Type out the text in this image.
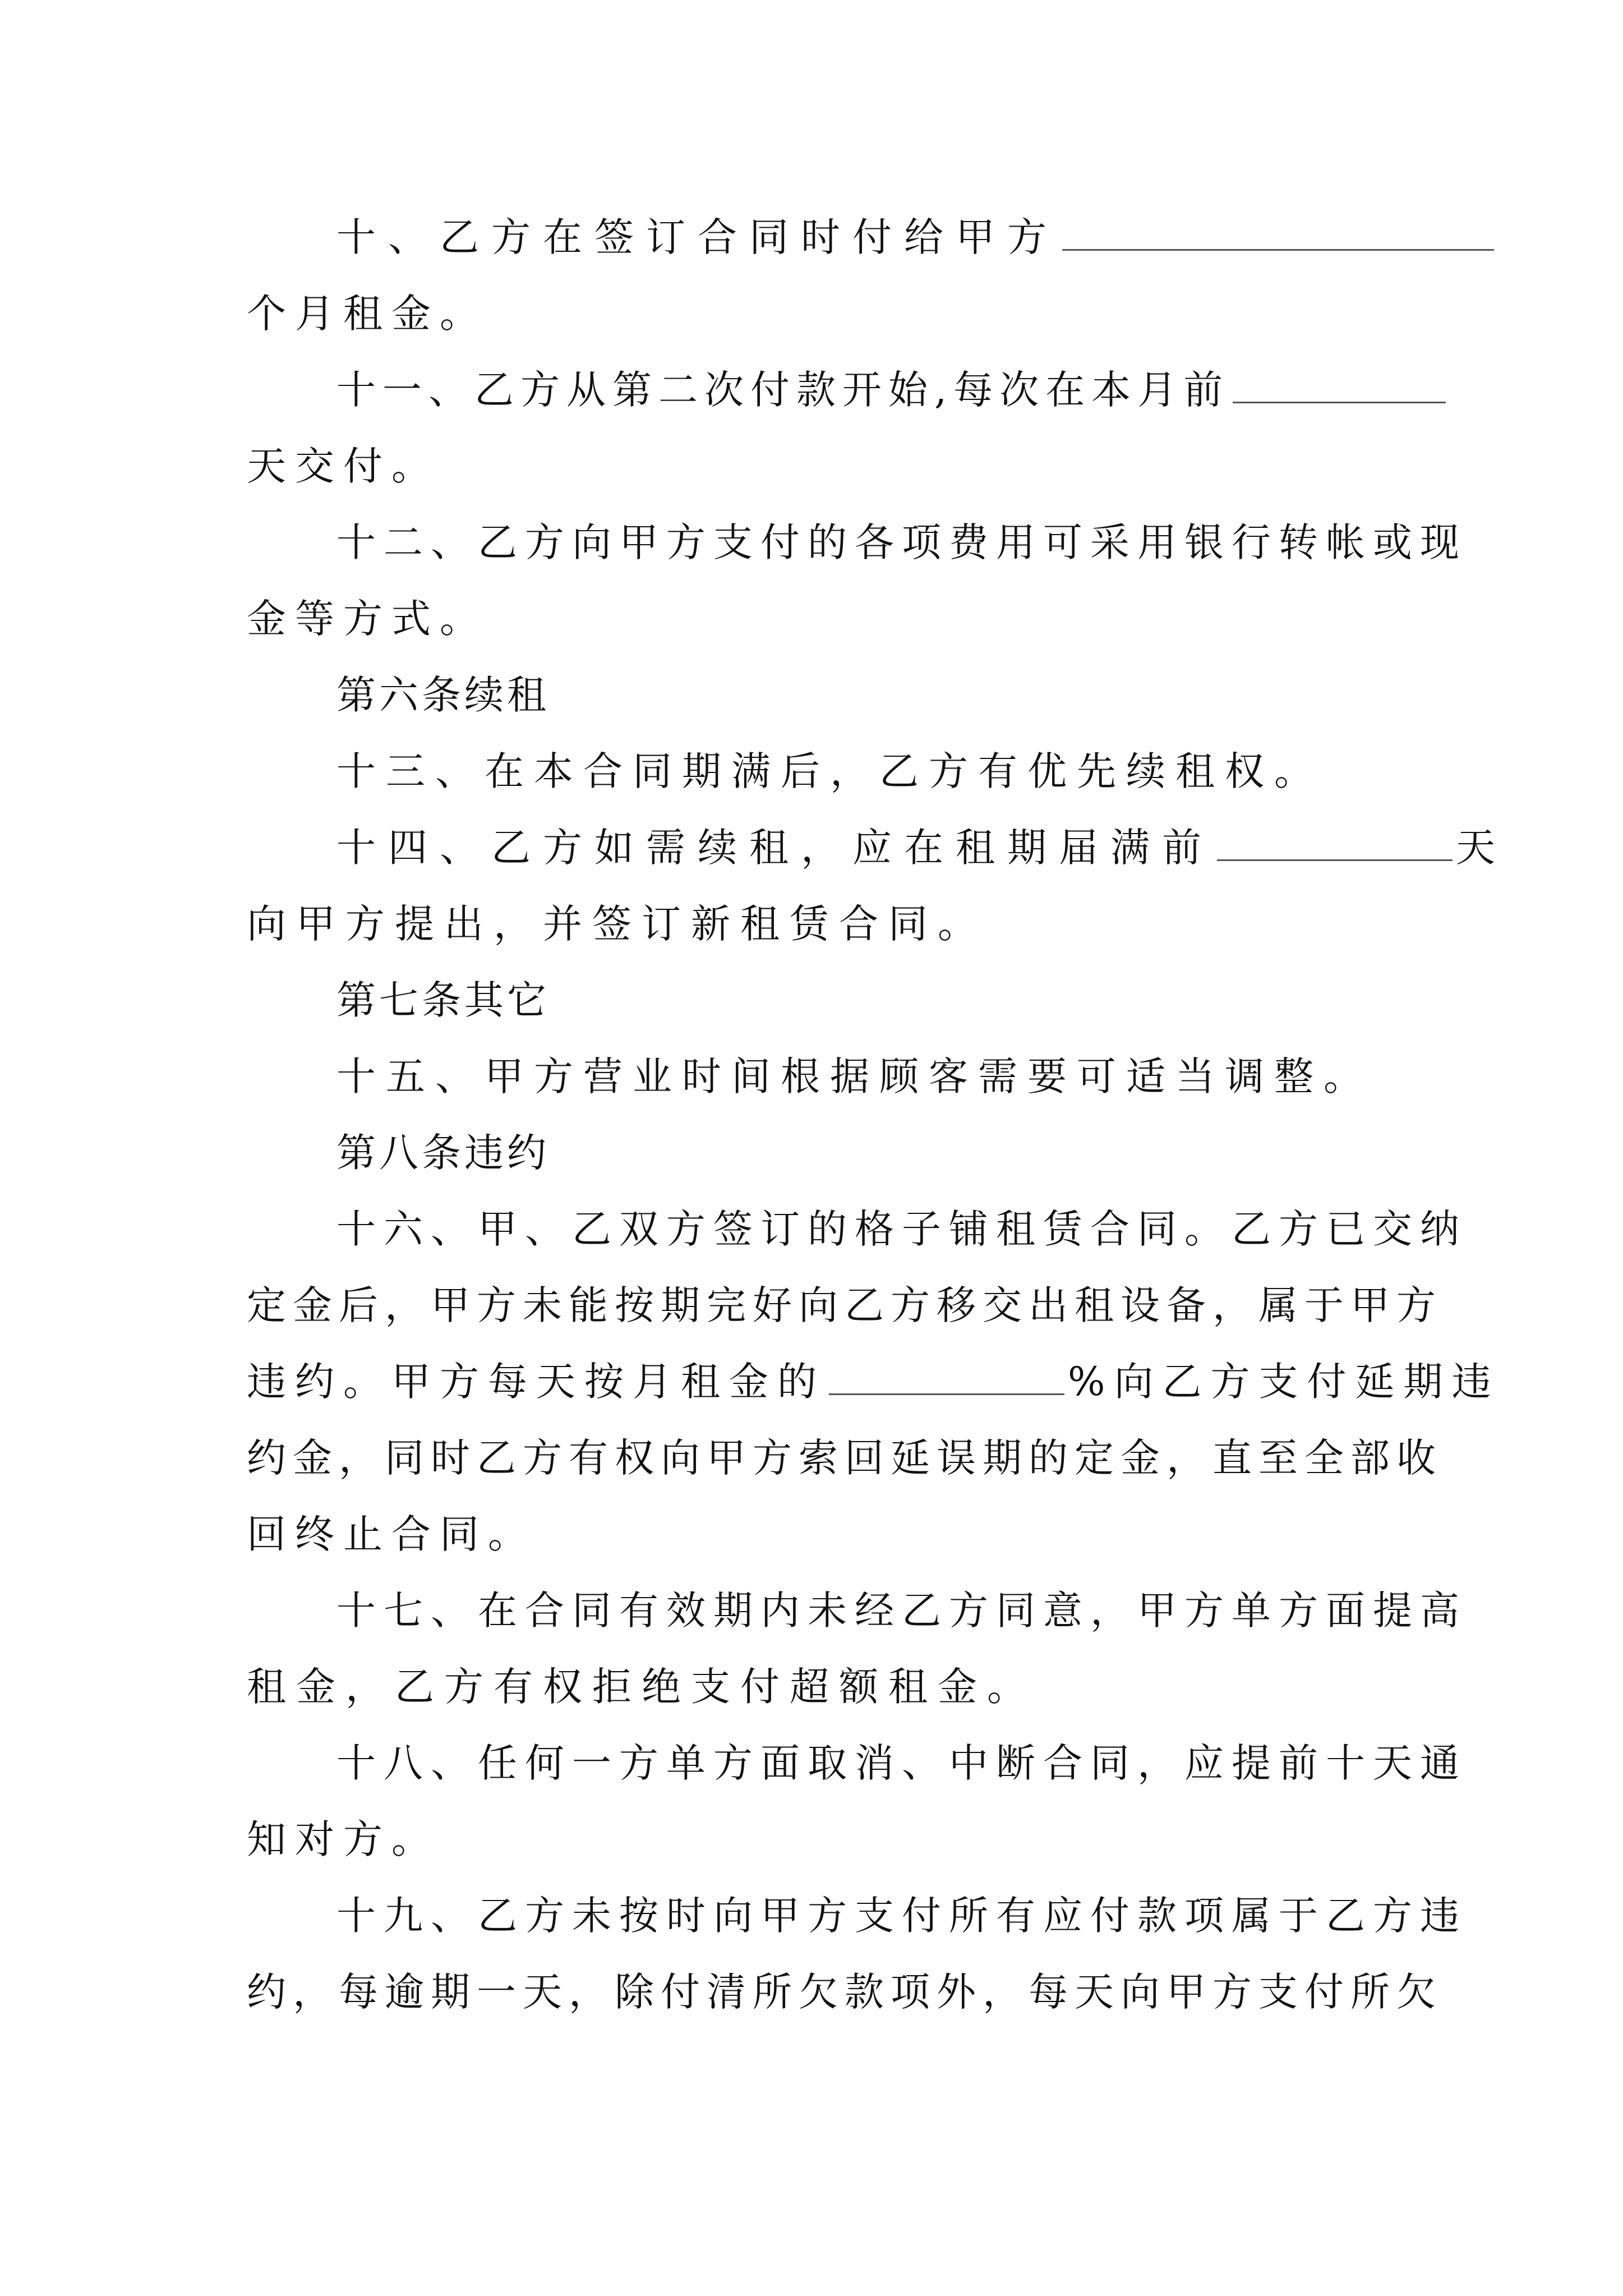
十、乙方在签订合同时付给甲方
个月租金。
十一、乙方从第二次付款开始,每次在本月前
天交付。
十二、乙方向甲方支付的各项费用可采用银行转帐或现
金等方式。
第六条续租
十三、在本合同期满后，乙方有优先续租权。
十四、乙方如需续租，应在租期届满前	天
向甲方提出，并签订新租赁合同。
第七条其它
十五、甲方营业时间根据顾客需要可适当调整。
第八条违约
十六、甲、乙双方签订的格子铺租赁合同。乙方已交纳
定金后，甲方未能按期完好向乙方移交出租设备，属于甲方
违约。甲方每天按月租金的	%向乙方支付延期违
约金，同时乙方有权向甲方索回延误期的定金，直至全部收
回终止合同。
十七、在合同有效期内未经乙方同意，甲方单方面提高
租金，乙方有权拒绝支付超额租金。
十八、任何一方单方面取消、中断合同，应提前十天通
知对方。
十九、乙方未按时向甲方支付所有应付款项属于乙方违
约，每逾期一天，除付清所欠款项外，每天向甲方支付所欠
